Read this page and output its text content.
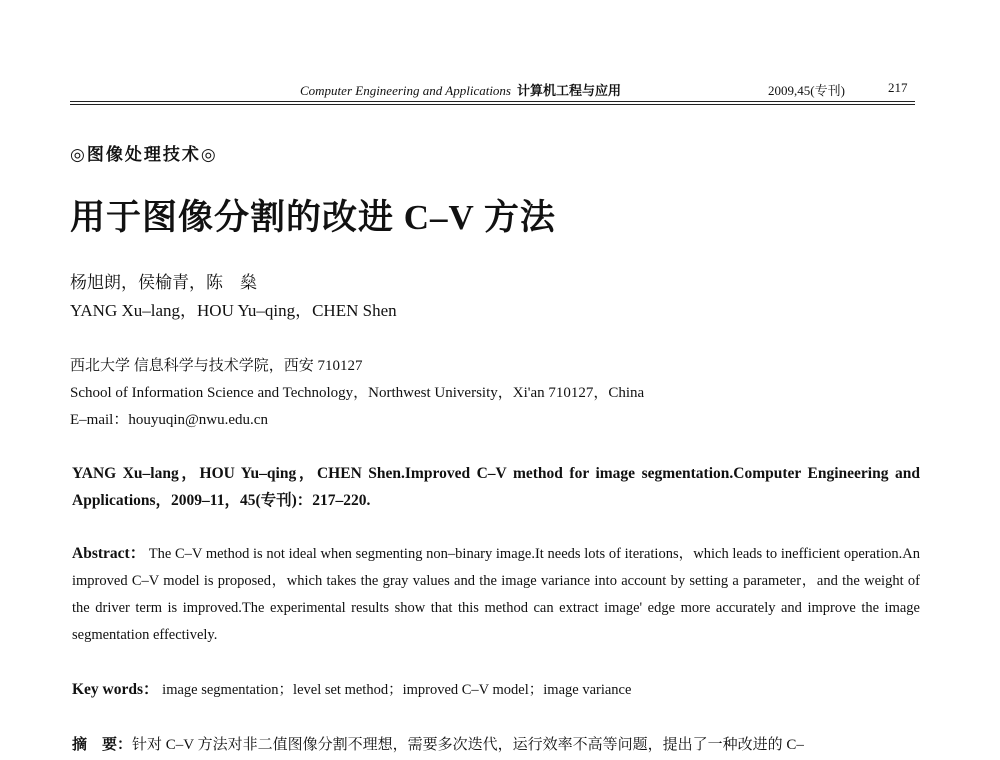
Computer Engineering and Applications 计算机工程与应用	2009,45(专刊)	217
◎图像处理技术◎
用于图像分割的改进 C–V 方法
杨旭朗，侯榆青，陈　燊
YANG Xu–lang，HOU Yu–qing，CHEN Shen
西北大学 信息科学与技术学院，西安 710127
School of Information Science and Technology，Northwest University，Xi'an 710127，China
E–mail：houyuqin@nwu.edu.cn
YANG Xu–lang，HOU Yu–qing，CHEN Shen.Improved C–V method for image segmentation.Computer Engineering and Applications，2009–11，45(专刊)：217–220.
Abstract： The C–V method is not ideal when segmenting non–binary image.It needs lots of iterations，which leads to inefficient operation.An improved C–V model is proposed，which takes the gray values and the image variance into account by setting a parameter，and the weight of the driver term is improved.The experimental results show that this method can extract image' edge more accurately and improve the image segmentation effectively.
Key words： image segmentation；level set method；improved C–V model；image variance
摘　要：针对 C–V 方法对非二值图像分割不理想，需要多次迭代，运行效率不高等问题，提出了一种改进的 C–
